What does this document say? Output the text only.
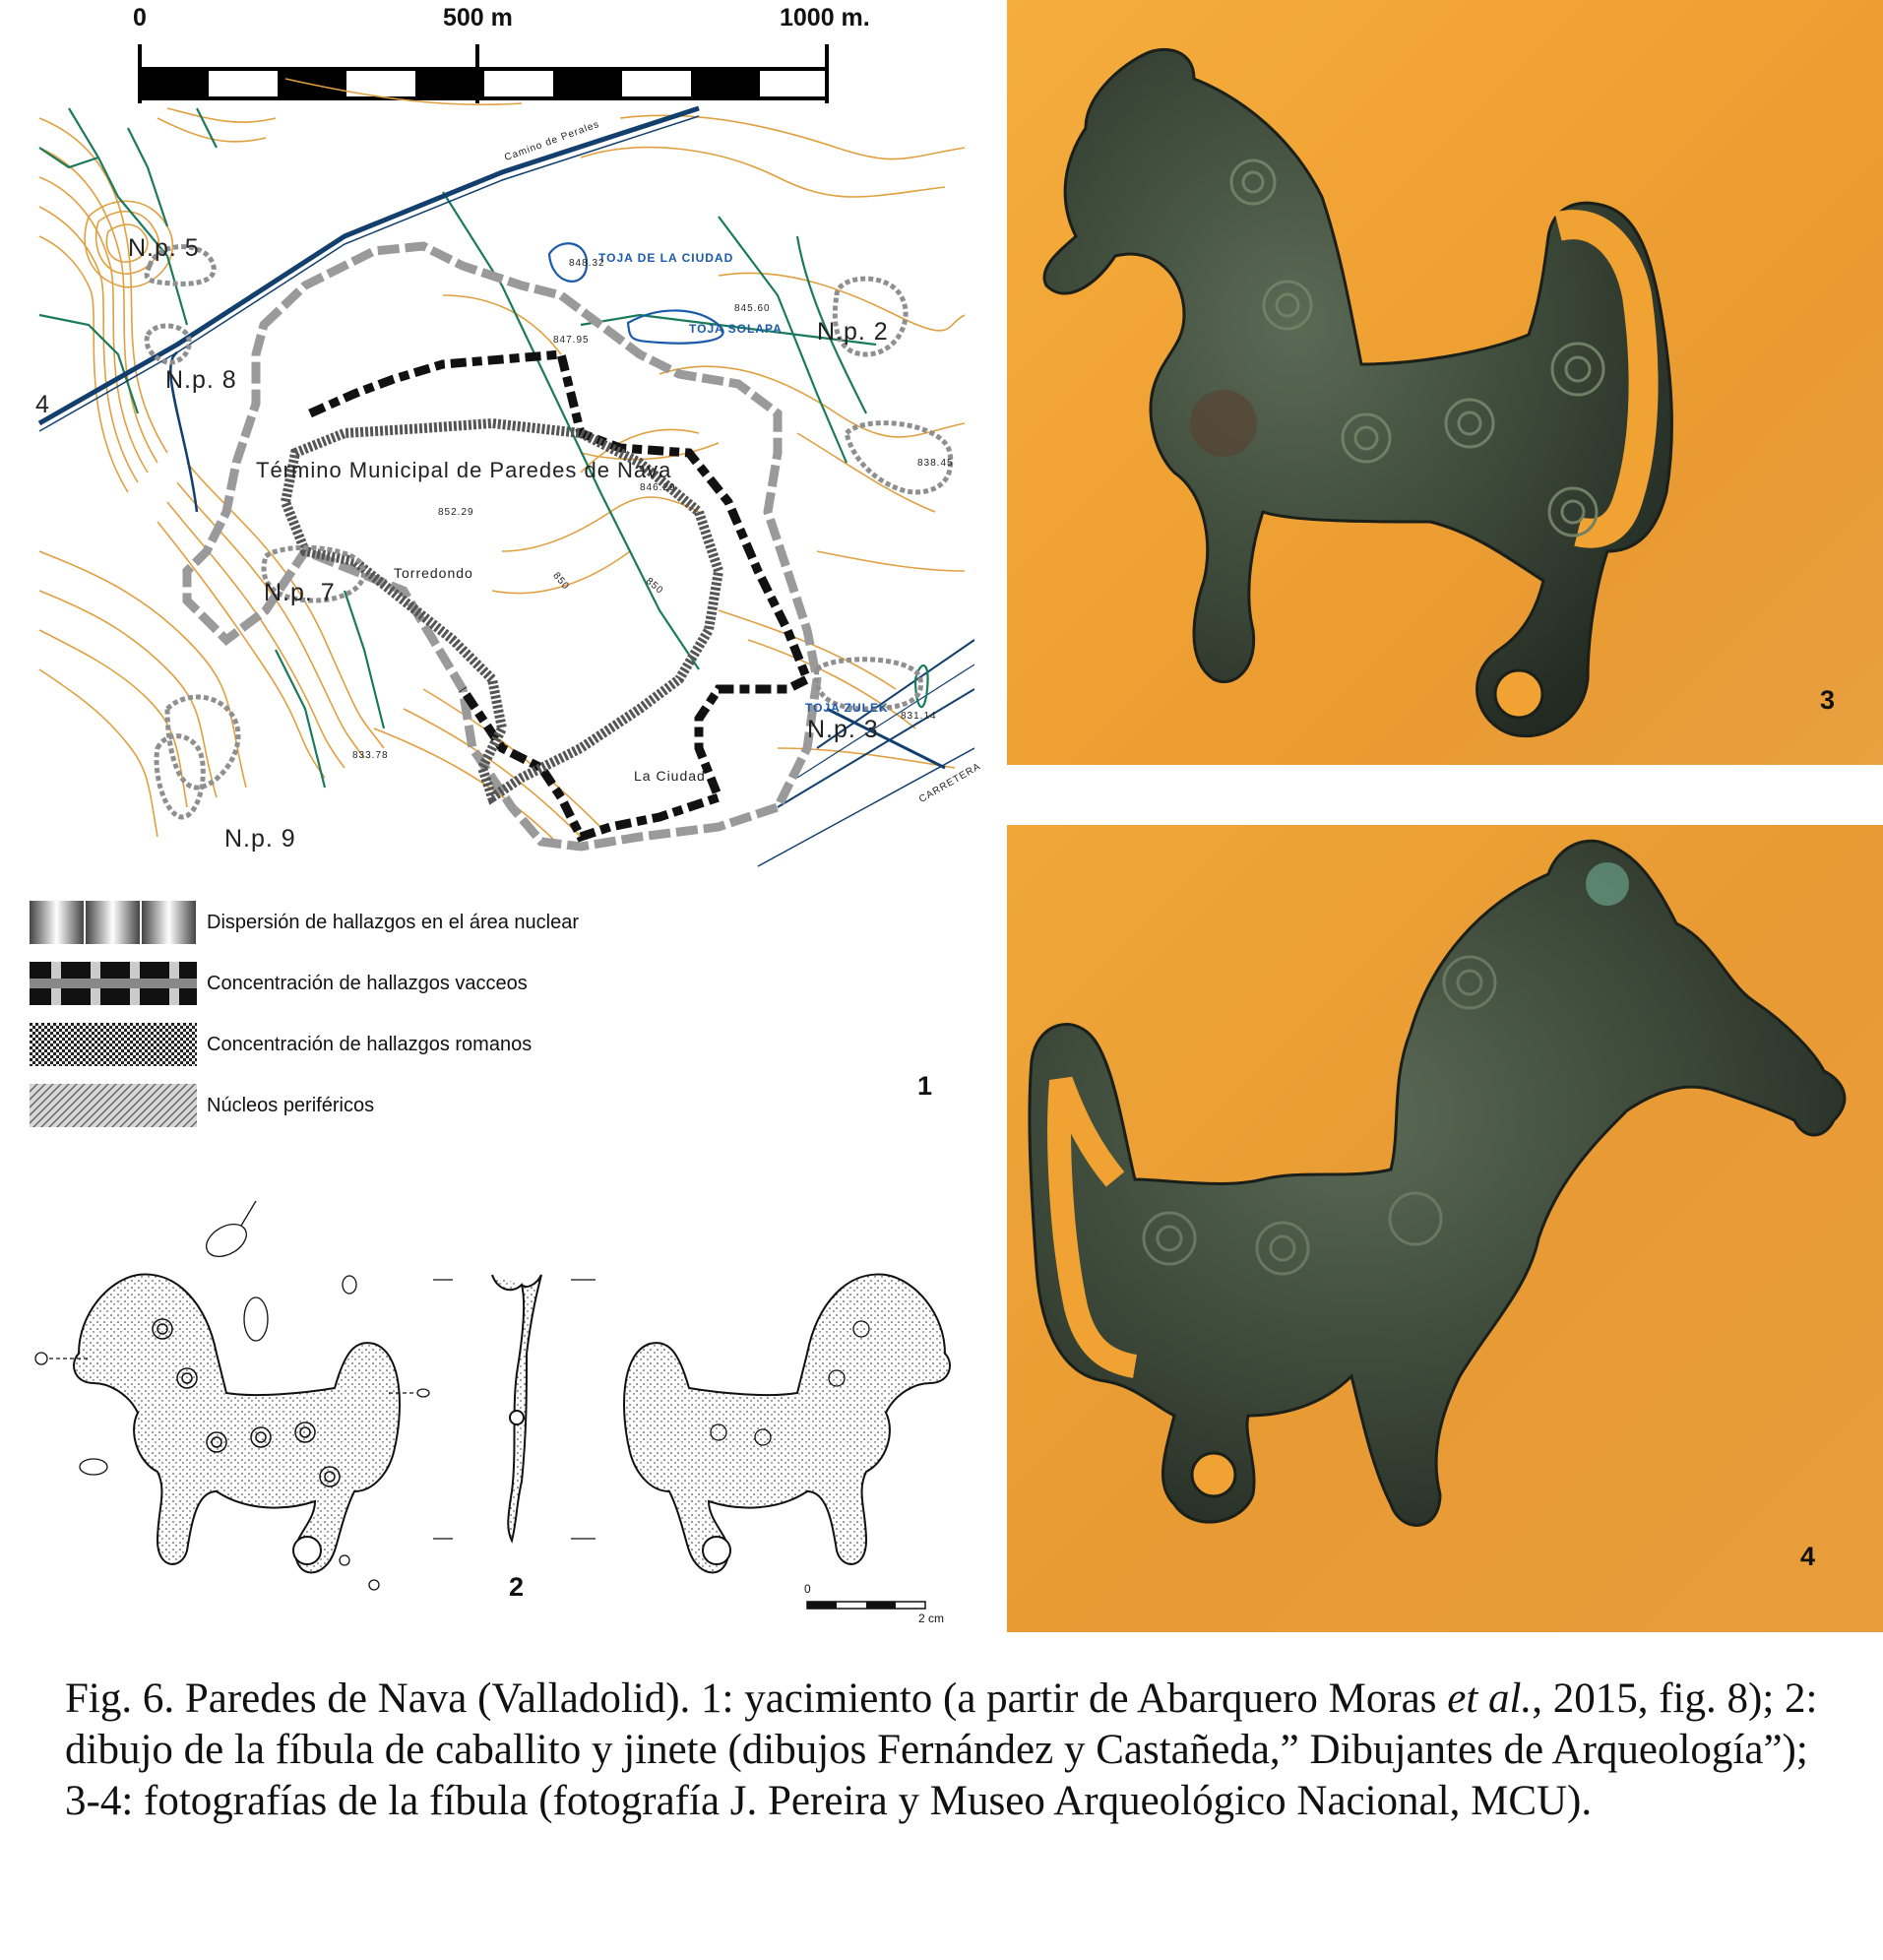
0	500 m	1000 m.
N.p. 5
N.p. 8
N.p. 2
N.p. 7
N.p. 3
N.p. 9
4
Término Municipal de Paredes de Nava
Torredondo
La Ciudad
Camino de Perales
TOJA DE LA CIUDAD
TOJA SOLAPA
TOJA ZULEK
CARRETERA
850	850
852.29
846.29
847.95
845.60
848.32
831.14
833.78
838.45
Dispersión de hallazgos en el área nuclear
Concentración de hallazgos vacceos
Concentración de hallazgos romanos
Núcleos periféricos
1
0
2 cm
2
3
4
Fig. 6. Paredes de Nava (Valladolid). 1: yacimiento (a partir de Abarquero Moras et al., 2015, fig. 8); 2: dibujo de la fíbula de caballito y jinete (dibujos Fernández y Castañeda,” Dibujantes de Arqueología”); 3-4: fotografías de la fíbula (fotografía J. Pereira y Museo Arqueológico Nacional, MCU).
